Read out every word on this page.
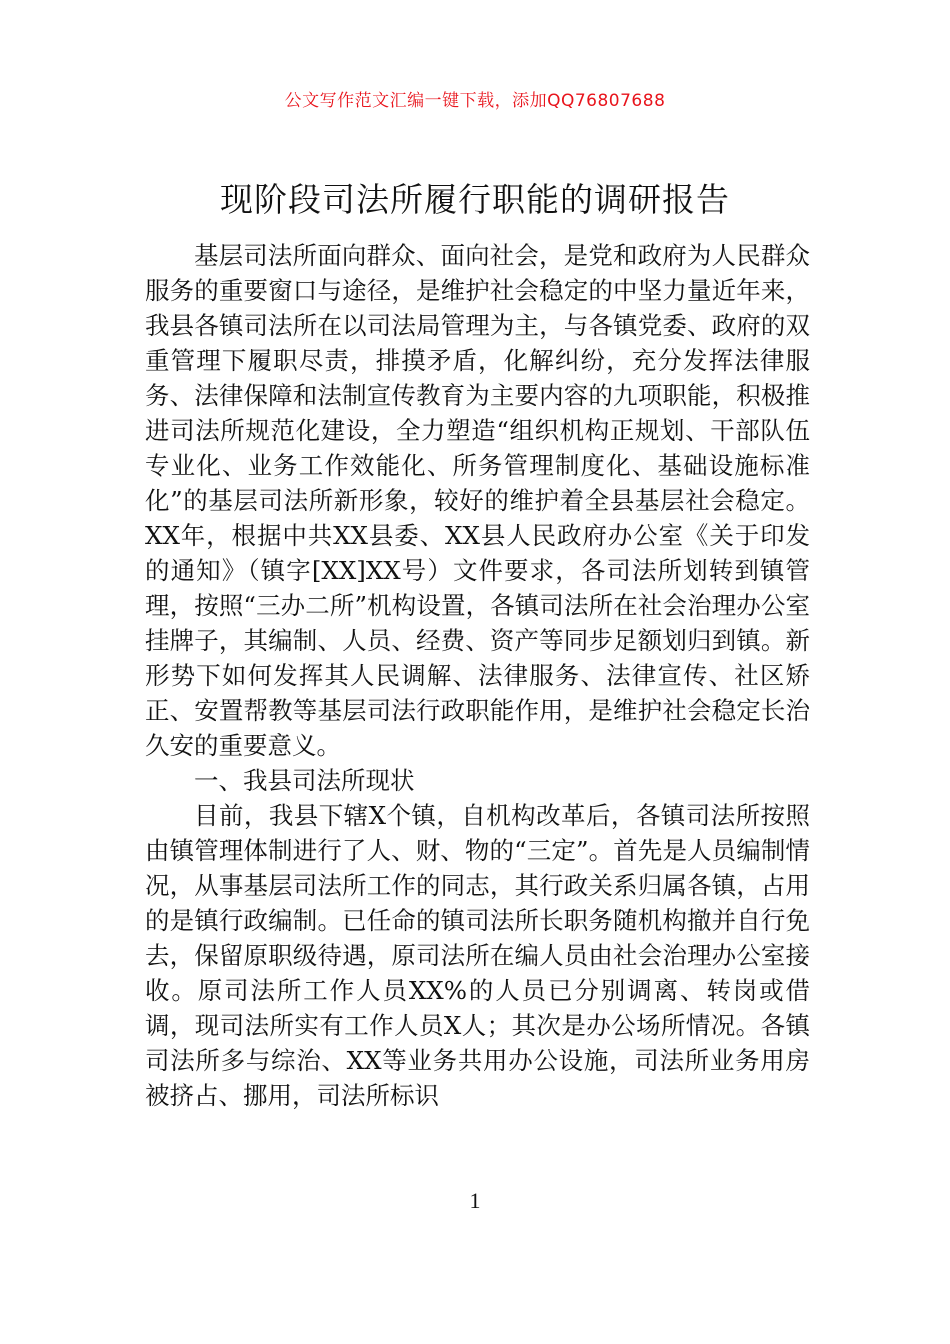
公文写作范文汇编一键下载，添加QQ76807688
现阶段司法所履行职能的调研报告

基层司法所面向群众、面向社会，是党和政府为人民群众服务的重要窗口与途径，是维护社会稳定的中坚力量近年来，我县各镇司法所在以司法局管理为主，与各镇党委、政府的双重管理下履职尽责，排摸矛盾，化解纠纷，充分发挥法律服务、法律保障和法制宣传教育为主要内容的九项职能，积极推进司法所规范化建设，全力塑造“组织机构正规划、干部队伍专业化、业务工作效能化、所务管理制度化、基础设施标准化”的基层司法所新形象，较好的维护着全县基层社会稳定。XX年，根据中共XX县委、XX县人民政府办公室《关于印发的通知》（镇字[XX]XX号）文件要求，各司法所划转到镇管理，按照“三办二所”机构设置，各镇司法所在社会治理办公室挂牌子，其编制、人员、经费、资产等同步足额划归到镇。新形势下如何发挥其人民调解、法律服务、法律宣传、社区矫正、安置帮教等基层司法行政职能作用，是维护社会稳定长治久安的重要意义。

一、我县司法所现状

目前，我县下辖X个镇，自机构改革后，各镇司法所按照由镇管理体制进行了人、财、物的“三定”。首先是人员编制情况，从事基层司法所工作的同志，其行政关系归属各镇，占用的是镇行政编制。已任命的镇司法所长职务随机构撤并自行免去，保留原职级待遇，原司法所在编人员由社会治理办公室接收。原司法所工作人员XX%的人员已分别调离、转岗或借调，现司法所实有工作人员X人；其次是办公场所情况。各镇司法所多与综治、XX等业务共用办公设施，司法所业务用房被挤占、挪用，司法所标识

1
